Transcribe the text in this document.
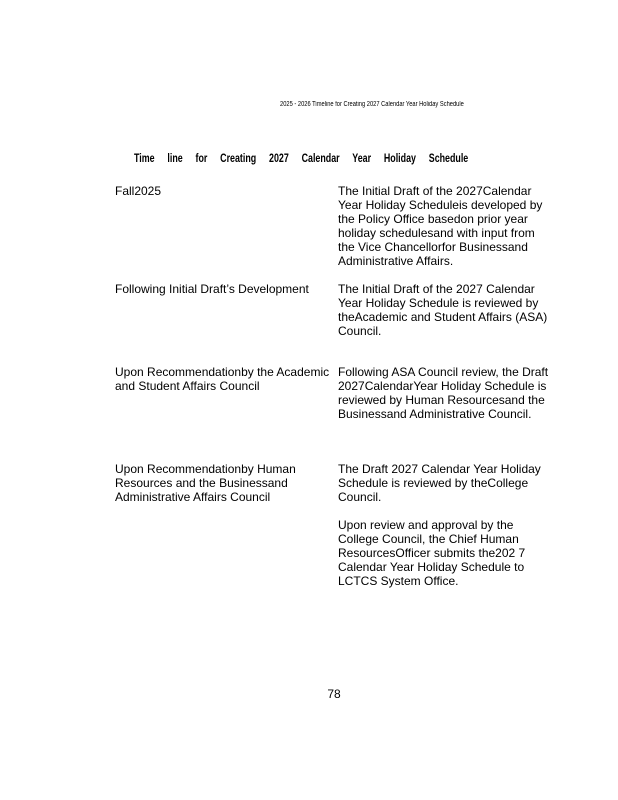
2025 - 2026 Timeline for Creating 2027 Calendar Year Holiday Schedule
Time line for Creating 2027 Calendar Year Holiday Schedule
Fall2025	The Initial Draft of the 2027Calendar Year Holiday Scheduleis developed by the Policy Office basedon prior year holiday schedulesand with input from the Vice Chancellorfor Businessand Administrative Affairs.

Following Initial Draft’s Development	The Initial Draft of the 2027 Calendar Year Holiday Schedule is reviewed by theAcademic and Student Affairs (ASA) Council.

Upon Recommendationby the Academic and Student Affairs Council

Following ASA Council review, the Draft 2027CalendarYear Holiday Schedule is reviewed by Human Resourcesand the Businessand Administrative Council.

Upon Recommendationby Human Resources and the Businessand Administrative Affairs Council

The Draft 2027 Calendar Year Holiday Schedule is reviewed by theCollege Council.

Upon review and approval by the College Council, the Chief Human ResourcesOfficer submits the202 7 Calendar Year Holiday Schedule to LCTCS System Office.

78
